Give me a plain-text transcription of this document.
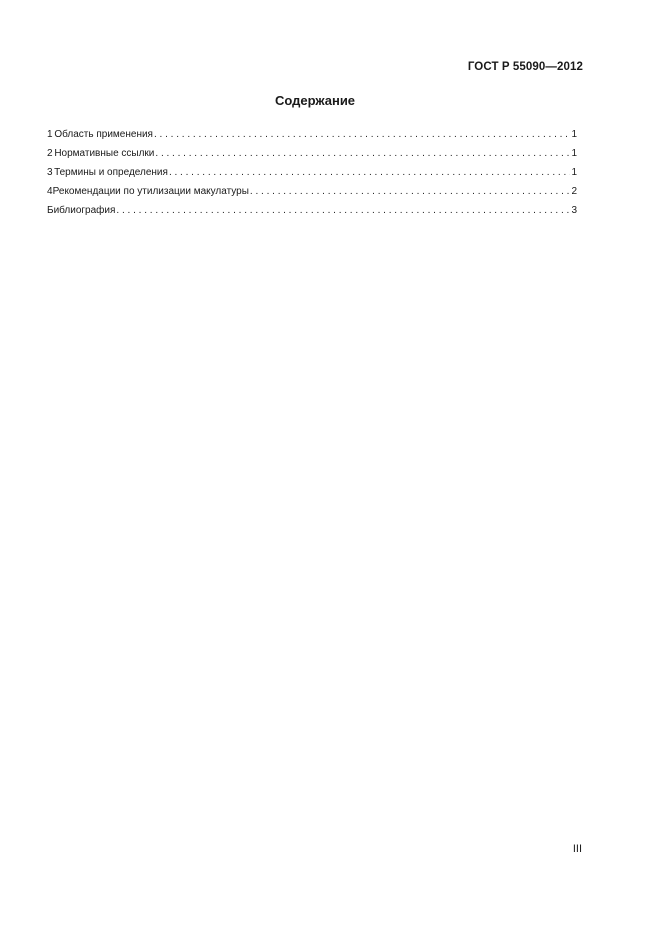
ГОСТ Р 55090—2012
Содержание
1 Область применения . . .	1
2 Нормативные ссылки . . .	1
3 Термины и определения . . .	1
4 Рекомендации по утилизации макулатуры . . .	2
Библиография . . .	3
III
